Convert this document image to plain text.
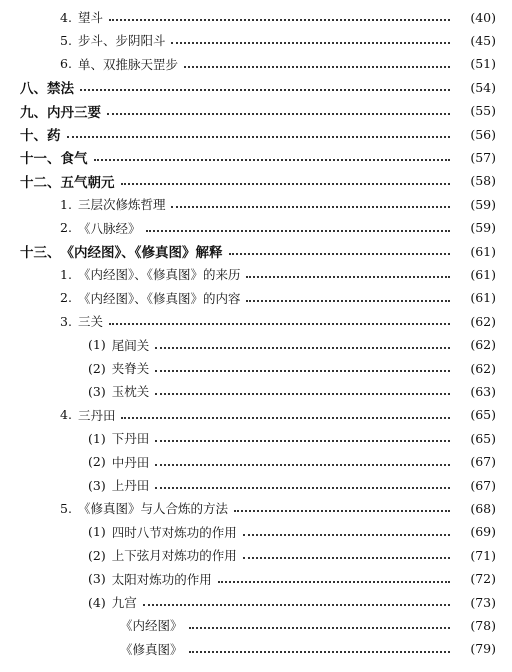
4. 望斗	(40)
5. 步斗、步阴阳斗	(45)
6. 单、双推脉天罡步	(51)
八、 禁法	(54)
九、 内丹三要	(55)
十、 药	(56)
十一、 食气	(57)
十二、 五气朝元	(58)
1. 三层次修炼哲理	(59)
2. 《八脉经》	(59)
十三、 《内经图》、《修真图》解释	(61)
1. 《内经图》、《修真图》的来历	(61)
2. 《内经图》、《修真图》的内容	(61)
3. 三关	(62)
(1) 尾闾关	(62)
(2) 夹脊关	(62)
(3) 玉枕关	(63)
4. 三丹田	(65)
(1) 下丹田	(65)
(2) 中丹田	(67)
(3) 上丹田	(67)
5. 《修真图》与人合炼的方法	(68)
(1) 四时八节对炼功的作用	(69)
(2) 上下弦月对炼功的作用	(71)
(3) 太阳对炼功的作用	(72)
(4) 九宫	(73)
《内经图》	(78)
《修真图》	(79)
